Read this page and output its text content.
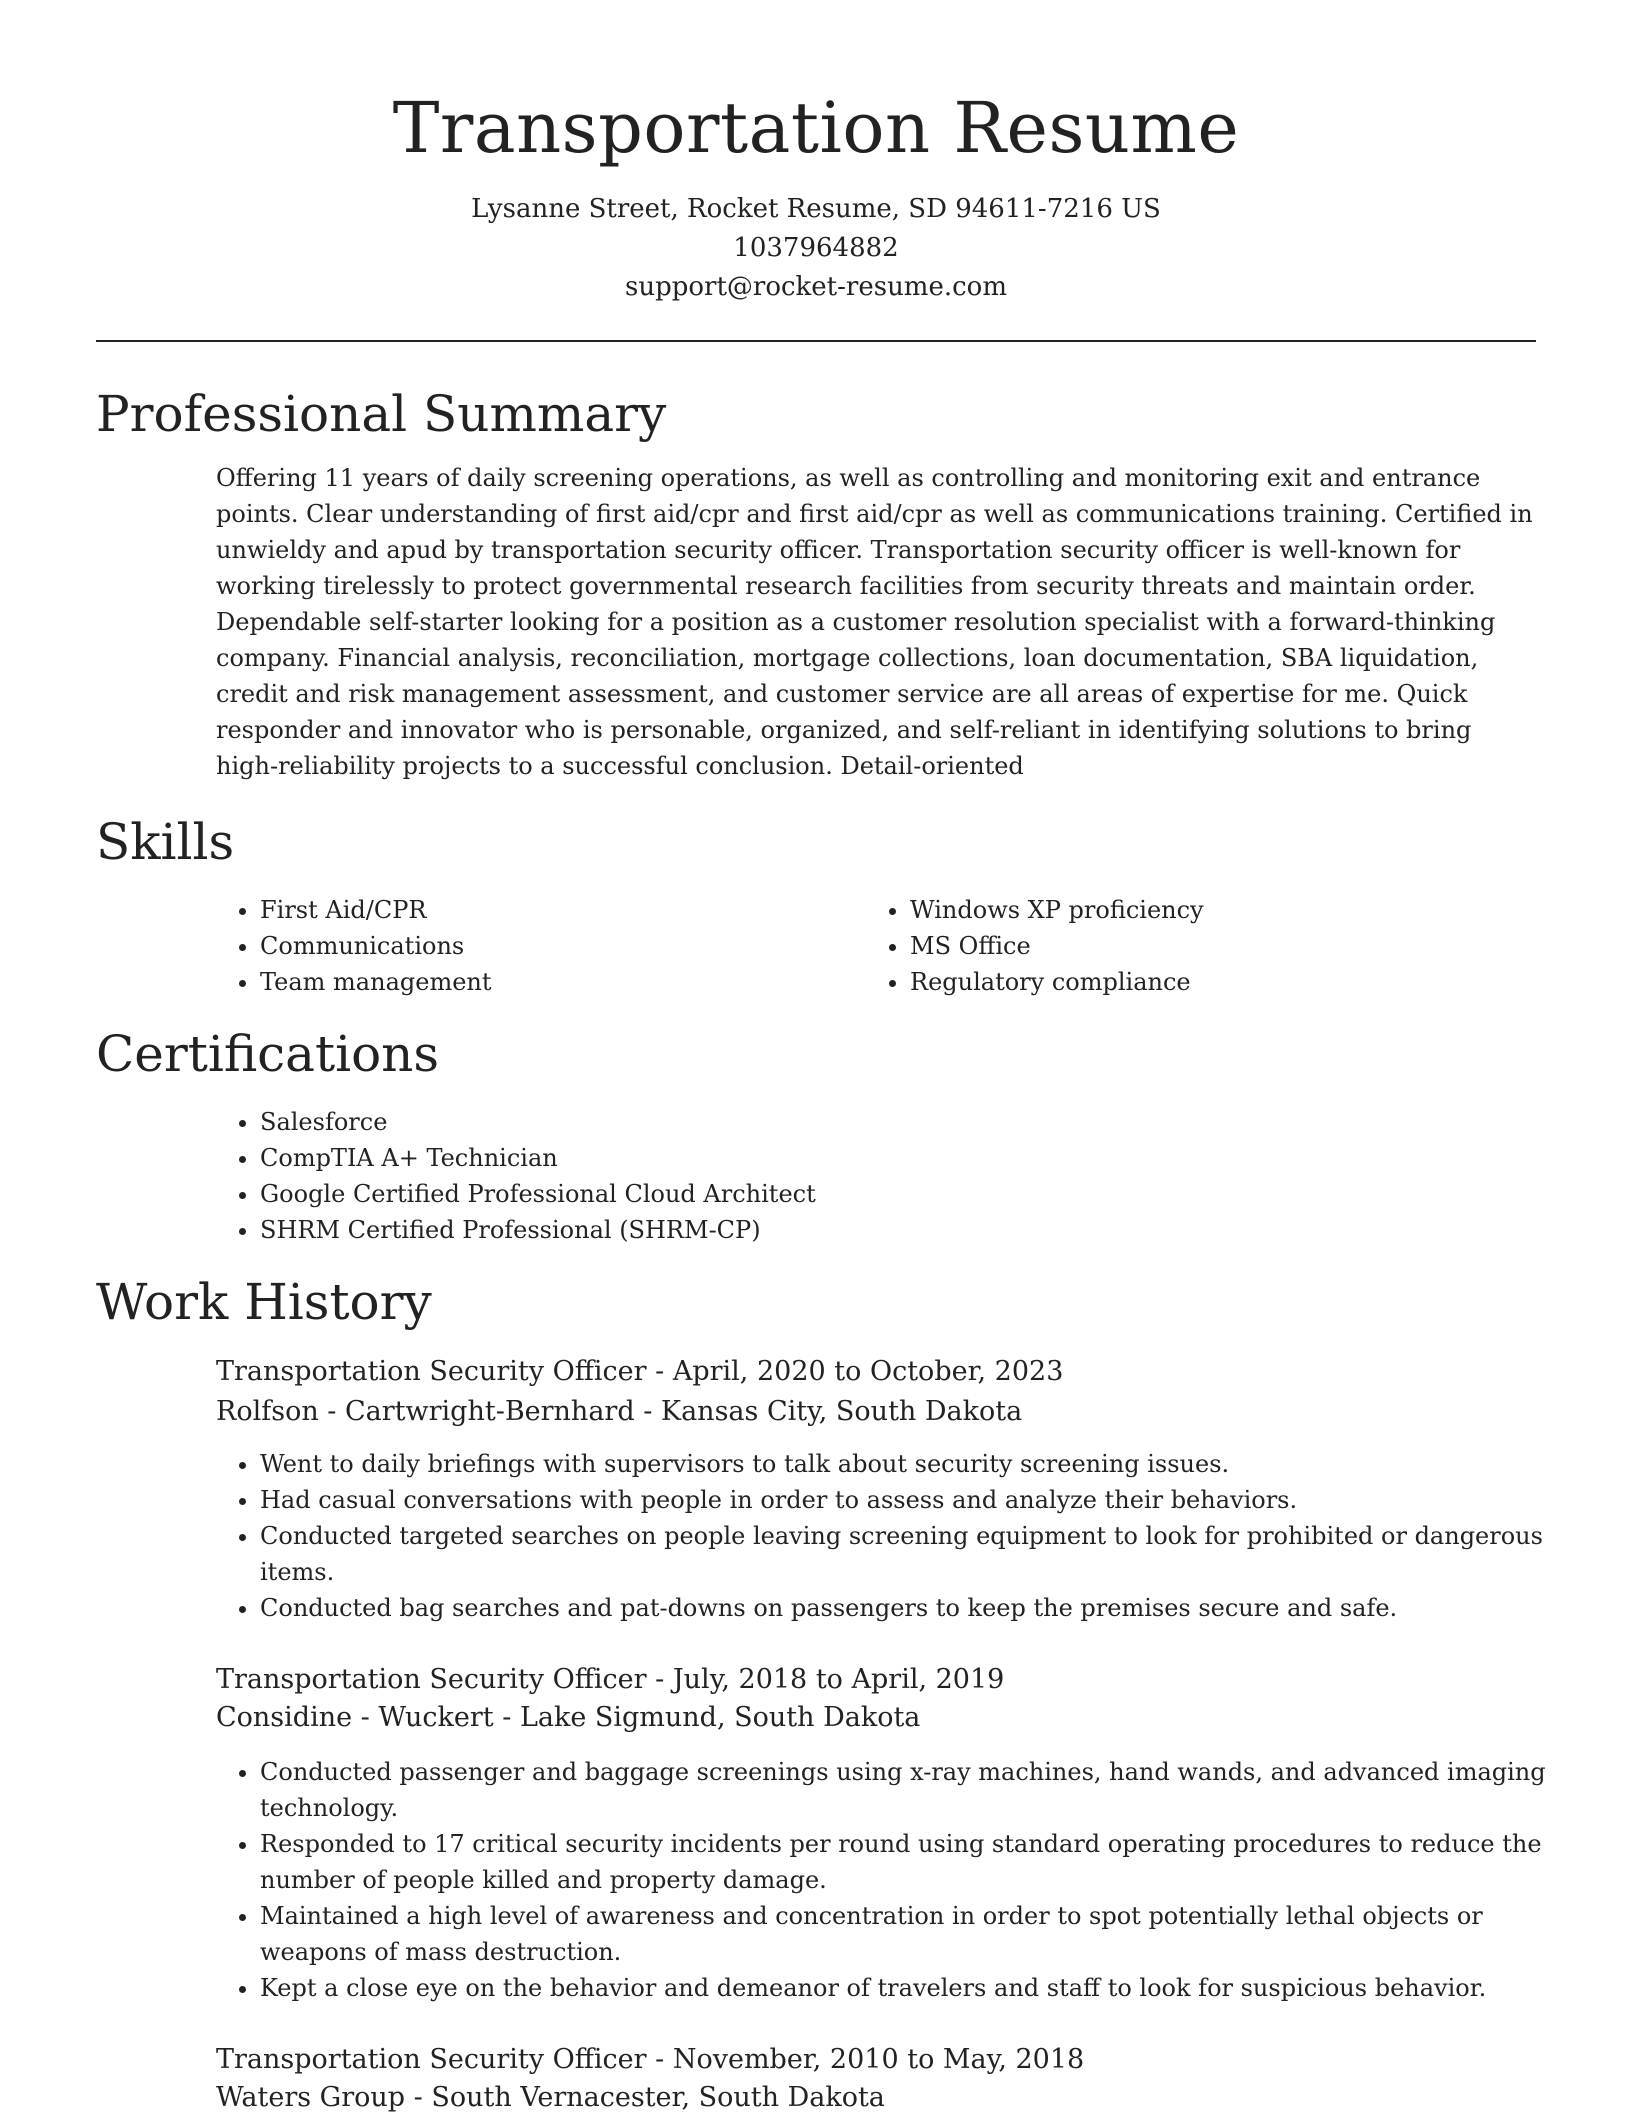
Transportation Resume
Lysanne Street, Rocket Resume, SD 94611-7216 US
1037964882
support@rocket-resume.com
Professional Summary

Offering 11 years of daily screening operations, as well as controlling and monitoring exit and entrance points. Clear understanding of first aid/cpr and first aid/cpr as well as communications training. Certified in unwieldy and apud by transportation security officer. Transportation security officer is well-known for working tirelessly to protect governmental research facilities from security threats and maintain order. Dependable self-starter looking for a position as a customer resolution specialist with a forward-thinking company. Financial analysis, reconciliation, mortgage collections, loan documentation, SBA liquidation, credit and risk management assessment, and customer service are all areas of expertise for me. Quick responder and innovator who is personable, organized, and self-reliant in identifying solutions to bring high-reliability projects to a successful conclusion. Detail-oriented

Skills
• First Aid/CPR
• Communications
• Team management
• Windows XP proficiency
• MS Office
• Regulatory compliance
Certifications
• Salesforce
• CompTIA A+ Technician
• Google Certified Professional Cloud Architect
• SHRM Certified Professional (SHRM-CP)
Work History
Transportation Security Officer - April, 2020 to October, 2023
Rolfson - Cartwright-Bernhard - Kansas City, South Dakota
• Went to daily briefings with supervisors to talk about security screening issues.
• Had casual conversations with people in order to assess and analyze their behaviors.
• Conducted targeted searches on people leaving screening equipment to look for prohibited or dangerous items.
• Conducted bag searches and pat-downs on passengers to keep the premises secure and safe.
Transportation Security Officer - July, 2018 to April, 2019
Considine - Wuckert - Lake Sigmund, South Dakota
• Conducted passenger and baggage screenings using x-ray machines, hand wands, and advanced imaging technology.
• Responded to 17 critical security incidents per round using standard operating procedures to reduce the number of people killed and property damage.
• Maintained a high level of awareness and concentration in order to spot potentially lethal objects or weapons of mass destruction.
• Kept a close eye on the behavior and demeanor of travelers and staff to look for suspicious behavior.
Transportation Security Officer - November, 2010 to May, 2018
Waters Group - South Vernacester, South Dakota
